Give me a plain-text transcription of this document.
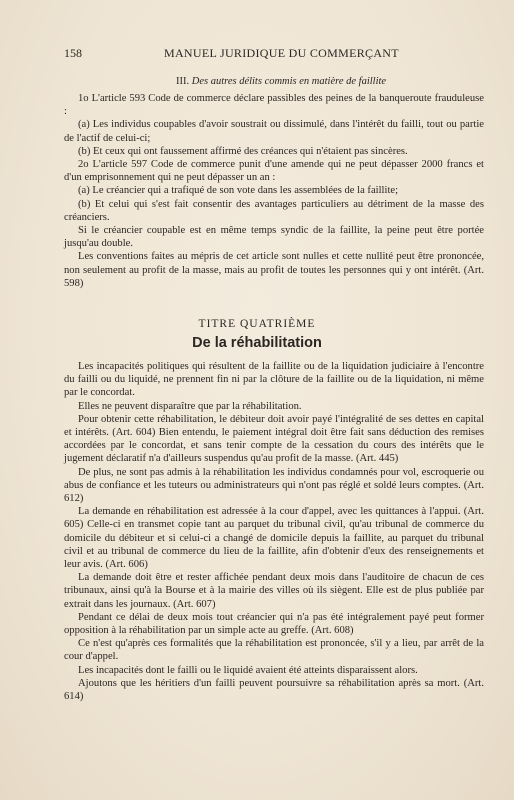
158	MANUEL JURIDIQUE DU COMMERÇANT
III. Des autres délits commis en matière de faillite

1o L'article 593 Code de commerce déclare passibles des peines de la banqueroute frauduleuse :

(a) Les individus coupables d'avoir soustrait ou dissimulé, dans l'intérêt du failli, tout ou partie de l'actif de celui-ci;

(b) Et ceux qui ont faussement affirmé des créances qui n'étaient pas sincères.

2o L'article 597 Code de commerce punit d'une amende qui ne peut dépasser 2000 francs et d'un emprisonnement qui ne peut dépasser un an :

(a) Le créancier qui a trafiqué de son vote dans les assemblées de la faillite;

(b) Et celui qui s'est fait consentir des avantages particuliers au détriment de la masse des créanciers.

Si le créancier coupable est en même temps syndic de la faillite, la peine peut être portée jusqu'au double.

Les conventions faites au mépris de cet article sont nulles et cette nullité peut être prononcée, non seulement au profit de la masse, mais au profit de toutes les personnes qui y ont intérêt. (Art. 598)

TITRE QUATRIÈME
De la réhabilitation

Les incapacités politiques qui résultent de la faillite ou de la liquidation judiciaire à l'encontre du failli ou du liquidé, ne prennent fin ni par la clôture de la faillite ou de la liquidation, ni même par le concordat.

Elles ne peuvent disparaître que par la réhabilitation.

Pour obtenir cette réhabilitation, le débiteur doit avoir payé l'intégralité de ses dettes en capital et intérêts. (Art. 604) Bien entendu, le paiement intégral doit être fait sans déduction des remises accordées par le concordat, et sans tenir compte de la cessation du cours des intérêts que le jugement déclaratif n'a d'ailleurs suspendus qu'au profit de la masse. (Art. 445)

De plus, ne sont pas admis à la réhabilitation les individus condamnés pour vol, escroquerie ou abus de confiance et les tuteurs ou administrateurs qui n'ont pas réglé et soldé leurs comptes. (Art. 612)

La demande en réhabilitation est adressée à la cour d'appel, avec les quittances à l'appui. (Art. 605) Celle-ci en transmet copie tant au parquet du tribunal civil, qu'au tribunal de commerce du domicile du débiteur et si celui-ci a changé de domicile depuis la faillite, au parquet du tribunal civil et au tribunal de commerce du lieu de la faillite, afin d'obtenir d'eux des renseignements et leur avis. (Art. 606)

La demande doit être et rester affichée pendant deux mois dans l'auditoire de chacun de ces tribunaux, ainsi qu'à la Bourse et à la mairie des villes où ils siègent. Elle est de plus publiée par extrait dans les journaux. (Art. 607)

Pendant ce délai de deux mois tout créancier qui n'a pas été intégralement payé peut former opposition à la réhabilitation par un simple acte au greffe. (Art. 608)

Ce n'est qu'après ces formalités que la réhabilitation est prononcée, s'il y a lieu, par arrêt de la cour d'appel.

Les incapacités dont le failli ou le liquidé avaient été atteints disparaissent alors.

Ajoutons que les héritiers d'un failli peuvent poursuivre sa réhabilitation après sa mort. (Art. 614)
